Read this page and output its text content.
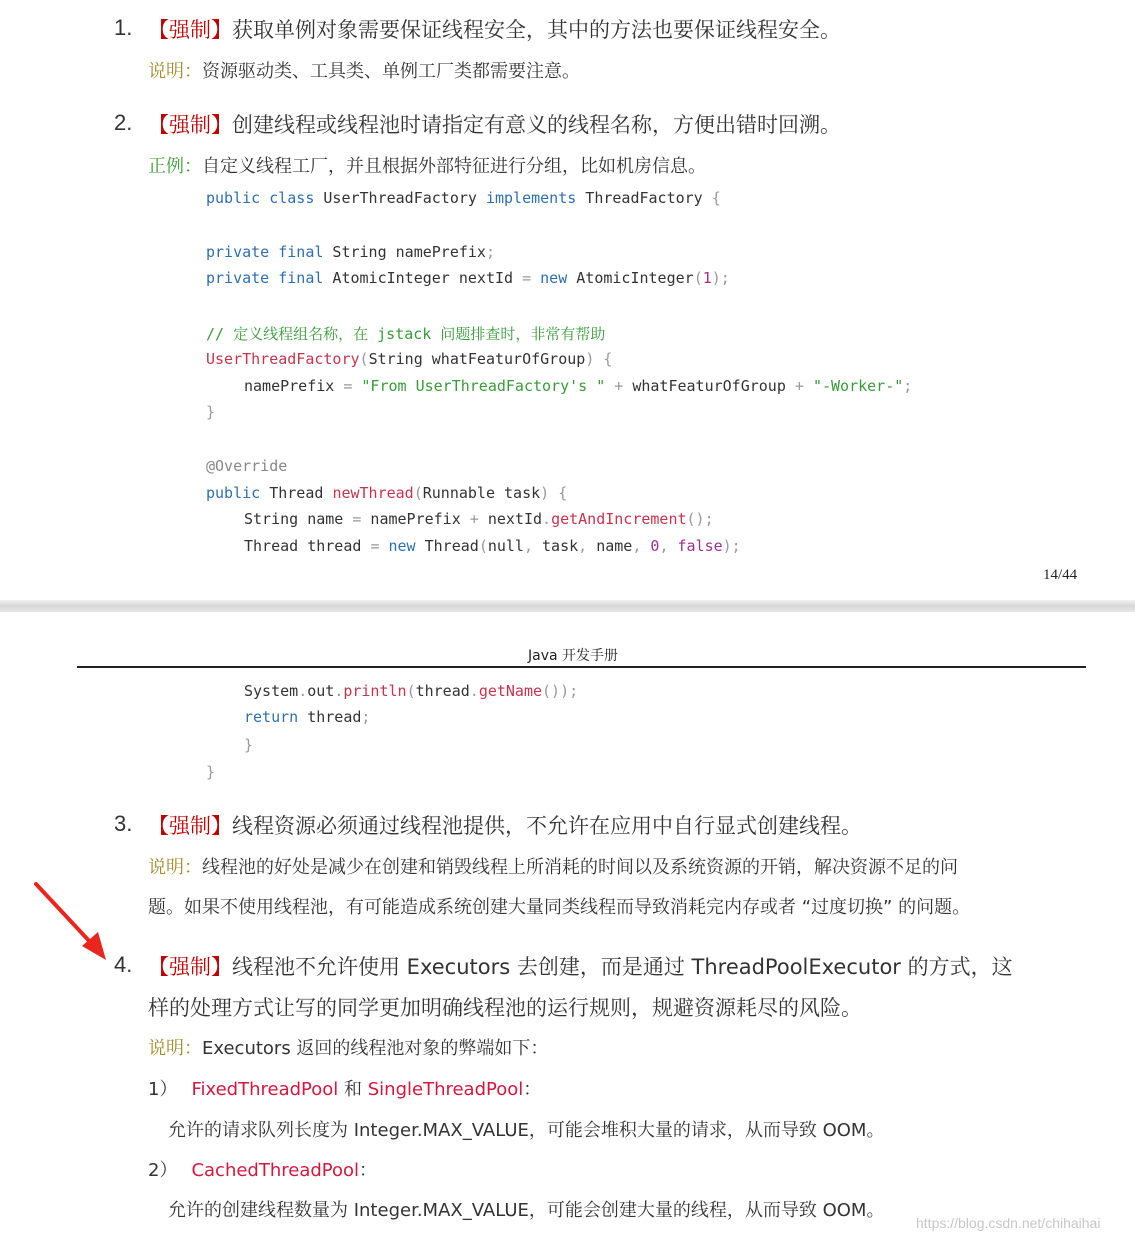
1. 【强制】获取单例对象需要保证线程安全，其中的方法也要保证线程安全。
说明：资源驱动类、工具类、单例工厂类都需要注意。
2. 【强制】创建线程或线程池时请指定有意义的线程名称，方便出错时回溯。
正例：自定义线程工厂，并且根据外部特征进行分组，比如机房信息。
public class UserThreadFactory implements ThreadFactory {
private final String namePrefix;
private final AtomicInteger nextId = new AtomicInteger(1);
// 定义线程组名称，在 jstack 问题排查时，非常有帮助
UserThreadFactory(String whatFeaturOfGroup) {
namePrefix = "From UserThreadFactory's " + whatFeaturOfGroup + "-Worker-";
}
@Override
public Thread newThread(Runnable task) {
String name = namePrefix + nextId.getAndIncrement();
Thread thread = new Thread(null, task, name, 0, false);
14/44
Java 开发手册
System.out.println(thread.getName());
return thread;
}
}
3. 【强制】线程资源必须通过线程池提供，不允许在应用中自行显式创建线程。
说明：线程池的好处是减少在创建和销毁线程上所消耗的时间以及系统资源的开销，解决资源不足的问
题。如果不使用线程池，有可能造成系统创建大量同类线程而导致消耗完内存或者 “过度切换” 的问题。
4. 【强制】线程池不允许使用 Executors 去创建，而是通过 ThreadPoolExecutor 的方式，这
样的处理方式让写的同学更加明确线程池的运行规则，规避资源耗尽的风险。
说明：Executors 返回的线程池对象的弊端如下：
1） FixedThreadPool 和 SingleThreadPool：
允许的请求队列长度为 Integer.MAX_VALUE，可能会堆积大量的请求，从而导致 OOM。
2） CachedThreadPool：
允许的创建线程数量为 Integer.MAX_VALUE，可能会创建大量的线程，从而导致 OOM。
https://blog.csdn.net/chihaihai
